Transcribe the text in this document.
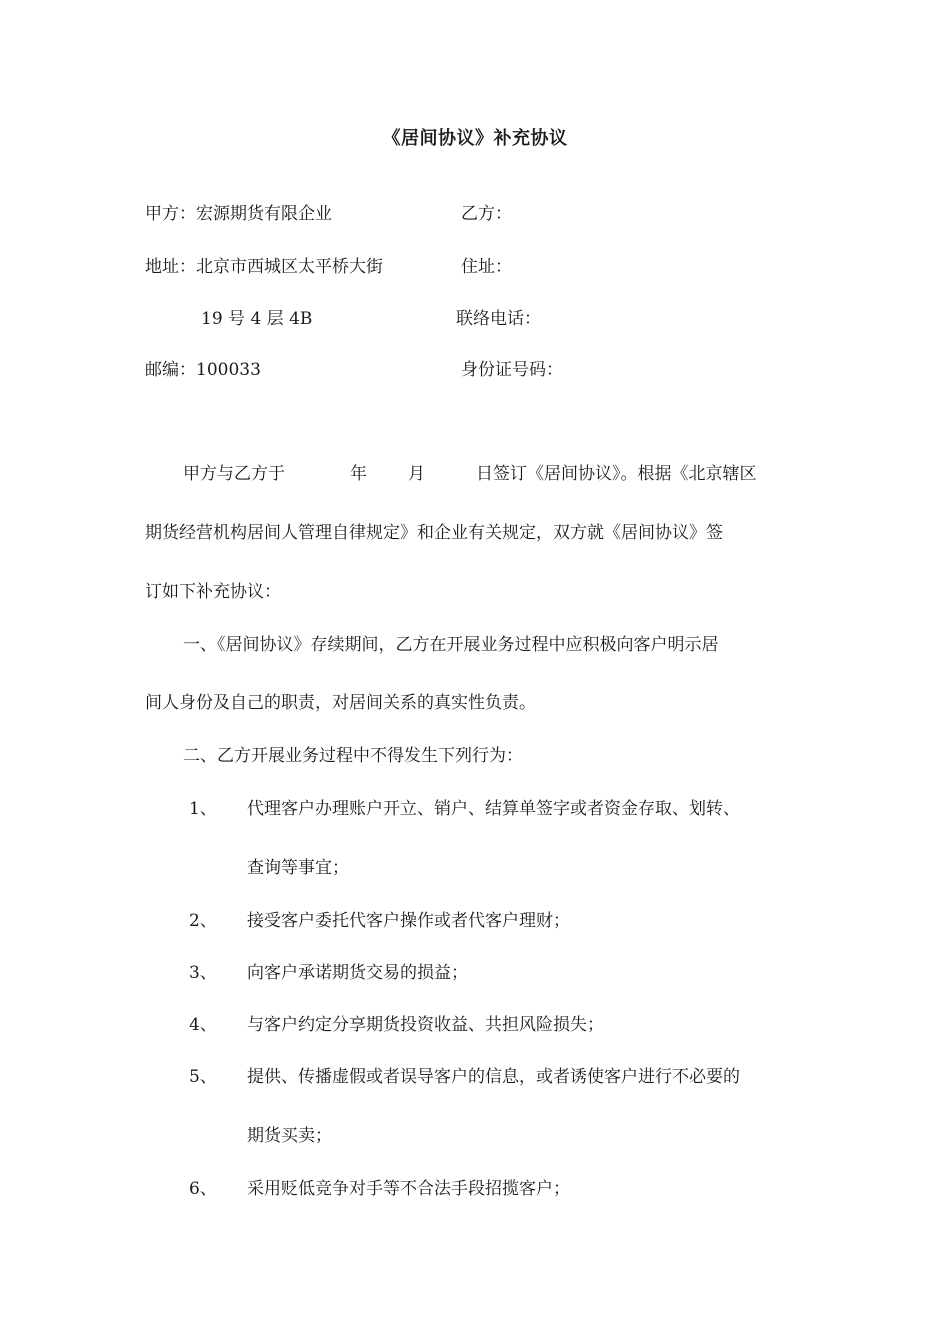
《居间协议》补充协议
甲方：宏源期货有限企业	乙方：
地址：北京市西城区太平桥大街	住址：
19 号 4 层 4B	联络电话：
邮编：100033	身份证号码：
甲方与乙方于	年 月	日签订《居间协议》。根据《北京辖区
期货经营机构居间人管理自律规定》和企业有关规定，双方就《居间协议》签
订如下补充协议：
一、《居间协议》存续期间，乙方在开展业务过程中应积极向客户明示居
间人身份及自己的职责，对居间关系的真实性负责。
二、乙方开展业务过程中不得发生下列行为：
1、 代理客户办理账户开立、销户、结算单签字或者资金存取、划转、
查询等事宜；
2、 接受客户委托代客户操作或者代客户理财；
3、 向客户承诺期货交易的损益；
4、 与客户约定分享期货投资收益、共担风险损失；
5、 提供、传播虚假或者误导客户的信息，或者诱使客户进行不必要的
期货买卖；
6、 采用贬低竞争对手等不合法手段招揽客户；
